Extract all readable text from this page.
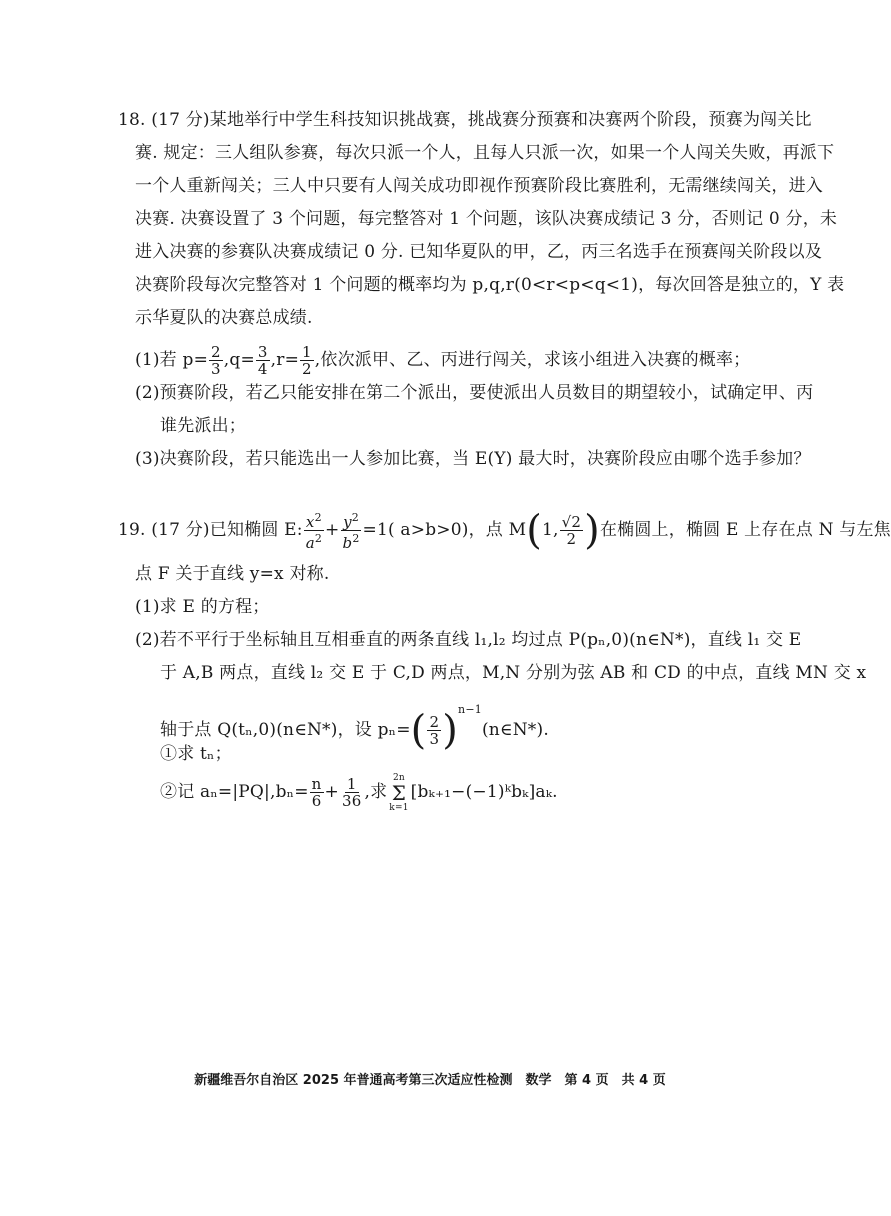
18. (17 分)某地举行中学生科技知识挑战赛，挑战赛分预赛和决赛两个阶段，预赛为闯关比
赛. 规定：三人组队参赛，每次只派一个人，且每人只派一次，如果一个人闯关失败，再派下
一个人重新闯关；三人中只要有人闯关成功即视作预赛阶段比赛胜利，无需继续闯关，进入
决赛. 决赛设置了 3 个问题，每完整答对 1 个问题，该队决赛成绩记 3 分，否则记 0 分，未
进入决赛的参赛队决赛成绩记 0 分. 已知华夏队的甲，乙，丙三名选手在预赛闯关阶段以及
决赛阶段每次完整答对 1 个问题的概率均为 p,q,r(0<r<p<q<1)，每次回答是独立的，Y 表
示华夏队的决赛总成绩.
(1)若 $p= \frac{2}{3} ,q= \frac{3}{4} ,r= \frac{1}{2}$ ,依次派甲、乙、丙进行闯关，求该小组进入决赛的概率；
(2)预赛阶段，若乙只能安排在第二个派出，要使派出人员数目的期望较小，试确定甲、丙
谁先派出；
(3)决赛阶段，若只能选出一人参加比赛，当 E(Y) 最大时，决赛阶段应由哪个选手参加？
19. (17 分)已知椭圆 E: $\frac{x^2}{a^2} + \frac{y^2}{b^2} =1$( a>b>0)，点 M(1, $\frac{√2}{2}$ )在椭圆上，椭圆 E 上存在点 N 与左焦
点 F 关于直线 y=x 对称.
(1)求 E 的方程；
(2)若不平行于坐标轴且互相垂直的两条直线 l₁,l₂ 均过点 P(pₙ,0)(n∈N*)，直线 l₁ 交 E
于 A,B 两点，直线 l₂ 交 E 于 C,D 两点，M,N 分别为弦 AB 和 CD 的中点，直线 MN 交 x
轴于点 Q(tₙ,0)(n∈N*)，设 $p_n=( \frac{2}{3}$ )$^{n-1}(n\in N*)$.
①求 tₙ；
②记 $a_n=|PQ|,b_n= \frac{n}{6} + \frac{1}{36}$ ,求
2n
Σ
k=1
[bₖ₊₁−(−1)ᵏbₖ]aₖ.
新疆维吾尔自治区 2025 年普通高考第三次适应性检测　数学　第 4 页　共 4 页
